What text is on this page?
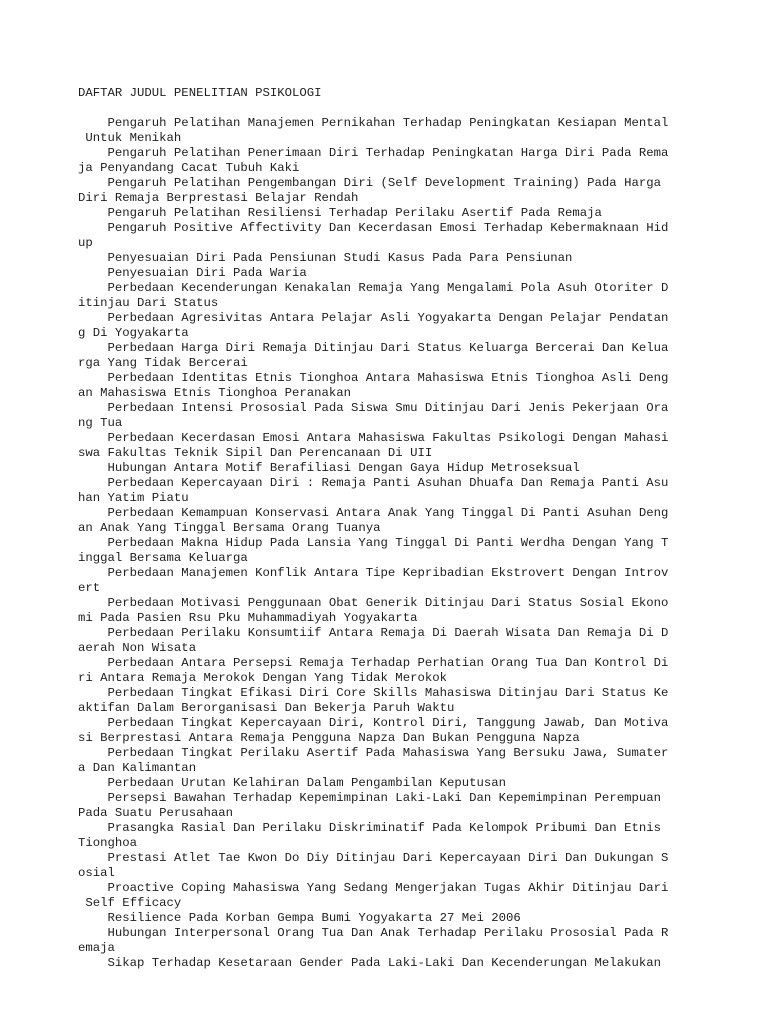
DAFTAR JUDUL PENELITIAN PSIKOLOGI
Pengaruh Pelatihan Manajemen Pernikahan Terhadap Peningkatan Kesiapan Mental
Untuk Menikah
Pengaruh Pelatihan Penerimaan Diri Terhadap Peningkatan Harga Diri Pada Rema
ja Penyandang Cacat Tubuh Kaki
Pengaruh Pelatihan Pengembangan Diri (Self Development Training) Pada Harga
Diri Remaja Berprestasi Belajar Rendah
Pengaruh Pelatihan Resiliensi Terhadap Perilaku Asertif Pada Remaja
Pengaruh Positive Affectivity Dan Kecerdasan Emosi Terhadap Kebermaknaan Hid
up
Penyesuaian Diri Pada Pensiunan Studi Kasus Pada Para Pensiunan
Penyesuaian Diri Pada Waria
Perbedaan Kecenderungan Kenakalan Remaja Yang Mengalami Pola Asuh Otoriter D
itinjau Dari Status
Perbedaan Agresivitas Antara Pelajar Asli Yogyakarta Dengan Pelajar Pendatan
g Di Yogyakarta
Perbedaan Harga Diri Remaja Ditinjau Dari Status Keluarga Bercerai Dan Kelua
rga Yang Tidak Bercerai
Perbedaan Identitas Etnis Tionghoa Antara Mahasiswa Etnis Tionghoa Asli Deng
an Mahasiswa Etnis Tionghoa Peranakan
Perbedaan Intensi Prososial Pada Siswa Smu Ditinjau Dari Jenis Pekerjaan Ora
ng Tua
Perbedaan Kecerdasan Emosi Antara Mahasiswa Fakultas Psikologi Dengan Mahasi
swa Fakultas Teknik Sipil Dan Perencanaan Di UII
Hubungan Antara Motif Berafiliasi Dengan Gaya Hidup Metroseksual
Perbedaan Kepercayaan Diri : Remaja Panti Asuhan Dhuafa Dan Remaja Panti Asu
han Yatim Piatu
Perbedaan Kemampuan Konservasi Antara Anak Yang Tinggal Di Panti Asuhan Deng
an Anak Yang Tinggal Bersama Orang Tuanya
Perbedaan Makna Hidup Pada Lansia Yang Tinggal Di Panti Werdha Dengan Yang T
inggal Bersama Keluarga
Perbedaan Manajemen Konflik Antara Tipe Kepribadian Ekstrovert Dengan Introv
ert
Perbedaan Motivasi Penggunaan Obat Generik Ditinjau Dari Status Sosial Ekono
mi Pada Pasien Rsu Pku Muhammadiyah Yogyakarta
Perbedaan Perilaku Konsumtiif Antara Remaja Di Daerah Wisata Dan Remaja Di D
aerah Non Wisata
Perbedaan Antara Persepsi Remaja Terhadap Perhatian Orang Tua Dan Kontrol Di
ri Antara Remaja Merokok Dengan Yang Tidak Merokok
Perbedaan Tingkat Efikasi Diri Core Skills Mahasiswa Ditinjau Dari Status Ke
aktifan Dalam Berorganisasi Dan Bekerja Paruh Waktu
Perbedaan Tingkat Kepercayaan Diri, Kontrol Diri, Tanggung Jawab, Dan Motiva
si Berprestasi Antara Remaja Pengguna Napza Dan Bukan Pengguna Napza
Perbedaan Tingkat Perilaku Asertif Pada Mahasiswa Yang Bersuku Jawa, Sumater
a Dan Kalimantan
Perbedaan Urutan Kelahiran Dalam Pengambilan Keputusan
Persepsi Bawahan Terhadap Kepemimpinan Laki-Laki Dan Kepemimpinan Perempuan
Pada Suatu Perusahaan
Prasangka Rasial Dan Perilaku Diskriminatif Pada Kelompok Pribumi Dan Etnis
Tionghoa
Prestasi Atlet Tae Kwon Do Diy Ditinjau Dari Kepercayaan Diri Dan Dukungan S
osial
Proactive Coping Mahasiswa Yang Sedang Mengerjakan Tugas Akhir Ditinjau Dari
Self Efficacy
Resilience Pada Korban Gempa Bumi Yogyakarta 27 Mei 2006
Hubungan Interpersonal Orang Tua Dan Anak Terhadap Perilaku Prososial Pada R
emaja
Sikap Terhadap Kesetaraan Gender Pada Laki-Laki Dan Kecenderungan Melakukan
